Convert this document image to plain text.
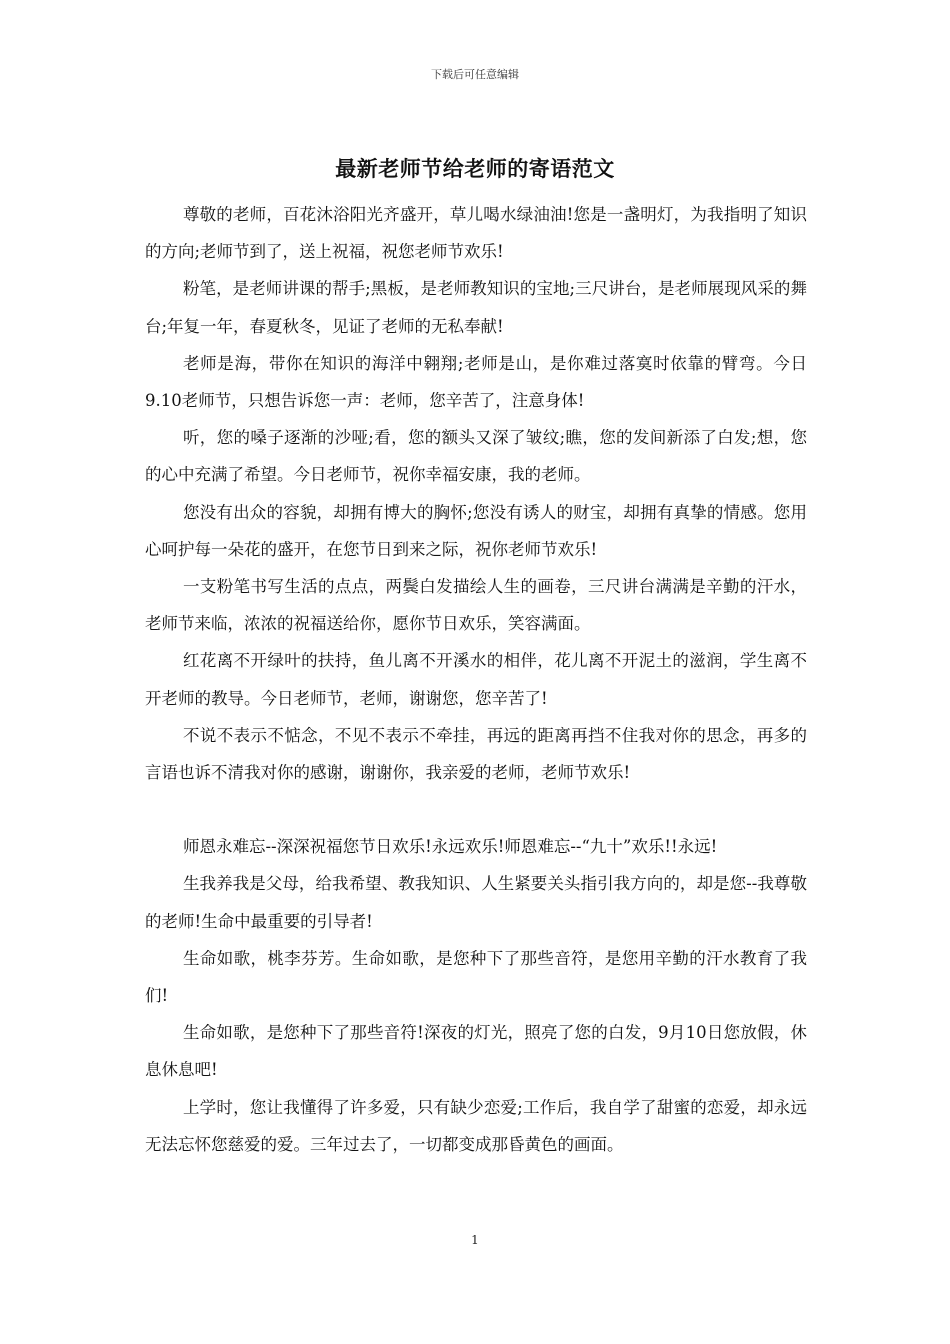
下载后可任意编辑
最新老师节给老师的寄语范文

尊敬的老师，百花沐浴阳光齐盛开，草儿喝水绿油油!您是一盏明灯，为我指明了知识的方向;老师节到了，送上祝福，祝您老师节欢乐!

粉笔，是老师讲课的帮手;黑板，是老师教知识的宝地;三尺讲台，是老师展现风采的舞台;年复一年，春夏秋冬，见证了老师的无私奉献!

老师是海，带你在知识的海洋中翱翔;老师是山，是你难过落寞时依靠的臂弯。今日9.10老师节，只想告诉您一声：老师，您辛苦了，注意身体!

听，您的嗓子逐渐的沙哑;看，您的额头又深了皱纹;瞧，您的发间新添了白发;想，您的心中充满了希望。今日老师节，祝你幸福安康，我的老师。

您没有出众的容貌，却拥有博大的胸怀;您没有诱人的财宝，却拥有真挚的情感。您用心呵护每一朵花的盛开，在您节日到来之际，祝你老师节欢乐!

一支粉笔书写生活的点点，两鬓白发描绘人生的画卷，三尺讲台满满是辛勤的汗水，老师节来临，浓浓的祝福送给你，愿你节日欢乐，笑容满面。

红花离不开绿叶的扶持，鱼儿离不开溪水的相伴，花儿离不开泥土的滋润，学生离不开老师的教导。今日老师节，老师，谢谢您，您辛苦了!

不说不表示不惦念，不见不表示不牵挂，再远的距离再挡不住我对你的思念，再多的言语也诉不清我对你的感谢，谢谢你，我亲爱的老师，老师节欢乐!

师恩永难忘--深深祝福您节日欢乐!永远欢乐!师恩难忘--“九十”欢乐!!永远!

生我养我是父母，给我希望、教我知识、人生紧要关头指引我方向的，却是您--我尊敬的老师!生命中最重要的引导者!

生命如歌，桃李芬芳。生命如歌，是您种下了那些音符，是您用辛勤的汗水教育了我们!

生命如歌，是您种下了那些音符!深夜的灯光，照亮了您的白发，9月10日您放假，休息休息吧!

上学时，您让我懂得了许多爱，只有缺少恋爱;工作后，我自学了甜蜜的恋爱，却永远无法忘怀您慈爱的爱。三年过去了，一切都变成那昏黄色的画面。

1
